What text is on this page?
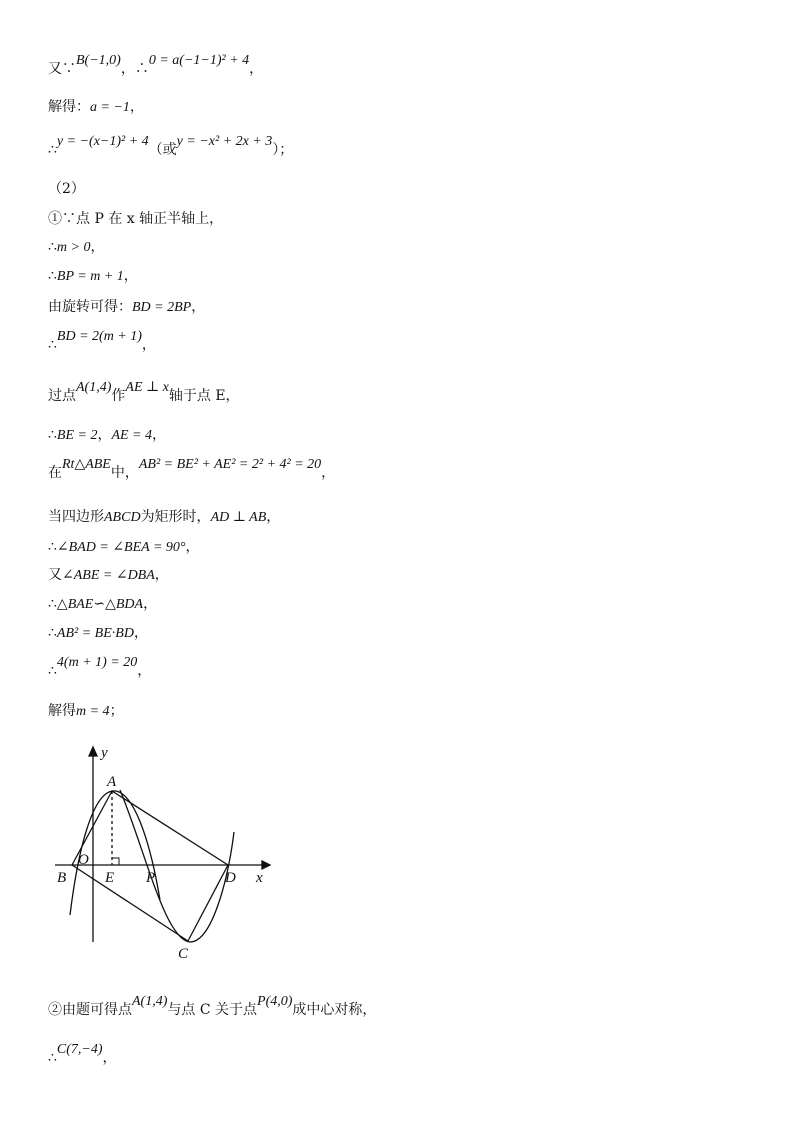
又∵B(−1,0)，∴0 = a(−1−1)² + 4，
解得：a = −1，
∴y = −(x−1)² + 4（或y = −x² + 2x + 3）；
（2）
①∵点 P 在 x 轴正半轴上，
∴m > 0，
∴BP = m + 1，
由旋转可得：BD = 2BP，
∴BD = 2(m + 1)，
过点A(1,4)作AE ⊥ x轴于点 E，
∴BE = 2，AE = 4，
在Rt△ABE中，AB² = BE² + AE² = 2² + 4² = 20，
当四边形ABCD为矩形时，AD ⊥ AB，
∴∠BAD = ∠BEA = 90°，
又∠ABE = ∠DBA，
∴△BAE∽△BDA，
∴AB² = BE·BD，
∴4(m + 1) = 20，
解得m = 4；
y
x
O
A
B	E P	D
C
②由题可得点A(1,4)与点 C 关于点P(4,0)成中心对称，
∴C(7,−4)，
